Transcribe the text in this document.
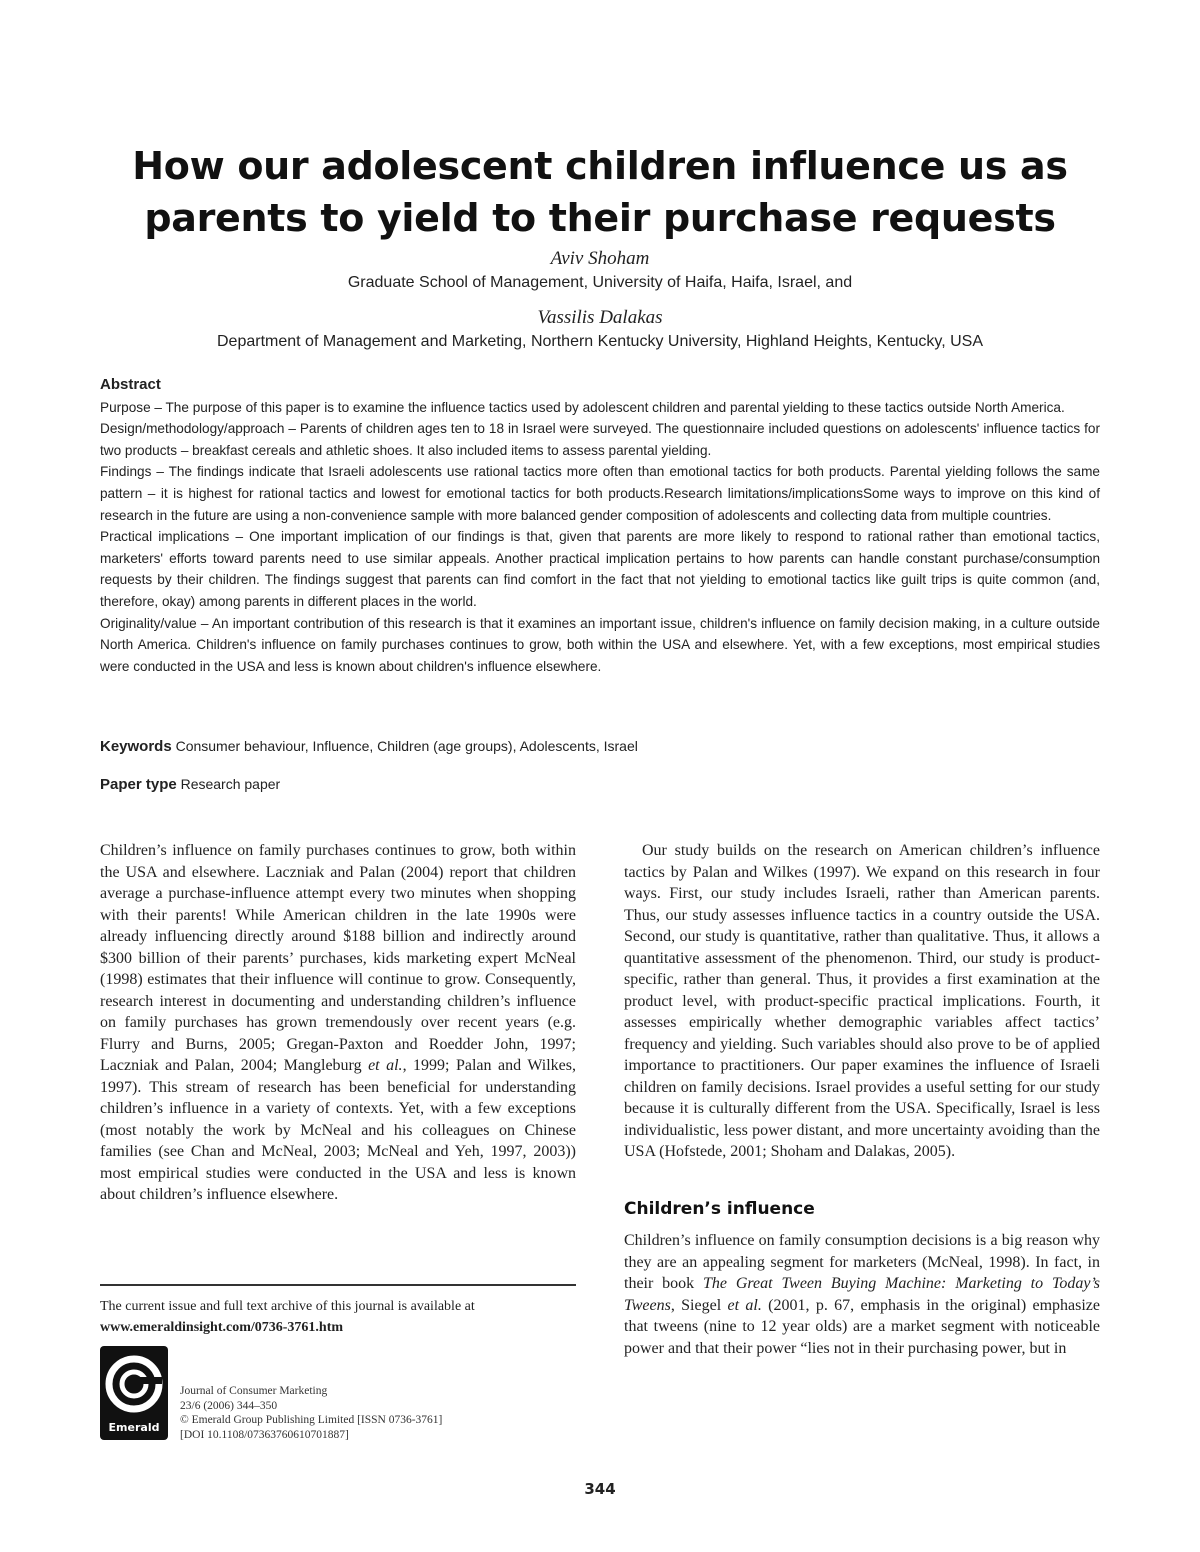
How our adolescent children influence us as
parents to yield to their purchase requests
Aviv Shoham
Graduate School of Management, University of Haifa, Haifa, Israel, and
Vassilis Dalakas
Department of Management and Marketing, Northern Kentucky University, Highland Heights, Kentucky, USA
Abstract

Purpose – The purpose of this paper is to examine the influence tactics used by adolescent children and parental yielding to these tactics outside North America.

Design/methodology/approach – Parents of children ages ten to 18 in Israel were surveyed. The questionnaire included questions on adolescents' influence tactics for two products – breakfast cereals and athletic shoes. It also included items to assess parental yielding.

Findings – The findings indicate that Israeli adolescents use rational tactics more often than emotional tactics for both products. Parental yielding follows the same pattern – it is highest for rational tactics and lowest for emotional tactics for both products.Research limitations/implicationsSome ways to improve on this kind of research in the future are using a non-convenience sample with more balanced gender composition of adolescents and collecting data from multiple countries.

Practical implications – One important implication of our findings is that, given that parents are more likely to respond to rational rather than emotional tactics, marketers' efforts toward parents need to use similar appeals. Another practical implication pertains to how parents can handle constant purchase/consumption requests by their children. The findings suggest that parents can find comfort in the fact that not yielding to emotional tactics like guilt trips is quite common (and, therefore, okay) among parents in different places in the world.

Originality/value – An important contribution of this research is that it examines an important issue, children's influence on family decision making, in a culture outside North America. Children's influence on family purchases continues to grow, both within the USA and elsewhere. Yet, with a few exceptions, most empirical studies were conducted in the USA and less is known about children's influence elsewhere.

Keywords Consumer behaviour, Influence, Children (age groups), Adolescents, Israel
Paper type Research paper

Children’s influence on family purchases continues to grow, both within the USA and elsewhere. Laczniak and Palan (2004) report that children average a purchase-influence attempt every two minutes when shopping with their parents! While American children in the late 1990s were already influencing directly around $188 billion and indirectly around $300 billion of their parents’ purchases, kids marketing expert McNeal (1998) estimates that their influence will continue to grow. Consequently, research interest in documenting and understanding children’s influence on family purchases has grown tremendously over recent years (e.g. Flurry and Burns, 2005; Gregan-Paxton and Roedder John, 1997; Laczniak and Palan, 2004; Mangleburg et al., 1999; Palan and Wilkes, 1997). This stream of research has been beneficial for understanding children’s influence in a variety of contexts. Yet, with a few exceptions (most notably the work by McNeal and his colleagues on Chinese families (see Chan and McNeal, 2003; McNeal and Yeh, 1997, 2003)) most empirical studies were conducted in the USA and less is known about children’s influence elsewhere.

Our study builds on the research on American children’s influence tactics by Palan and Wilkes (1997). We expand on this research in four ways. First, our study includes Israeli, rather than American parents. Thus, our study assesses influence tactics in a country outside the USA. Second, our study is quantitative, rather than qualitative. Thus, it allows a quantitative assessment of the phenomenon. Third, our study is product-specific, rather than general. Thus, it provides a first examination at the product level, with product-specific practical implications. Fourth, it assesses empirically whether demographic variables affect tactics’ frequency and yielding. Such variables should also prove to be of applied importance to practitioners. Our paper examines the influence of Israeli children on family decisions. Israel provides a useful setting for our study because it is culturally different from the USA. Specifically, Israel is less individualistic, less power distant, and more uncertainty avoiding than the USA (Hofstede, 2001; Shoham and Dalakas, 2005).

Children’s influence

Children’s influence on family consumption decisions is a big reason why they are an appealing segment for marketers (McNeal, 1998). In fact, in their book The Great Tween Buying Machine: Marketing to Today’s Tweens, Siegel et al. (2001, p. 67, emphasis in the original) emphasize that tweens (nine to 12 year olds) are a market segment with noticeable power and that their power “lies not in their purchasing power, but in

The current issue and full text archive of this journal is available at
www.emeraldinsight.com/0736-3761.htm
Emerald
Journal of Consumer Marketing
23/6 (2006) 344–350
© Emerald Group Publishing Limited [ISSN 0736-3761]
[DOI 10.1108/07363760610701887]
344
